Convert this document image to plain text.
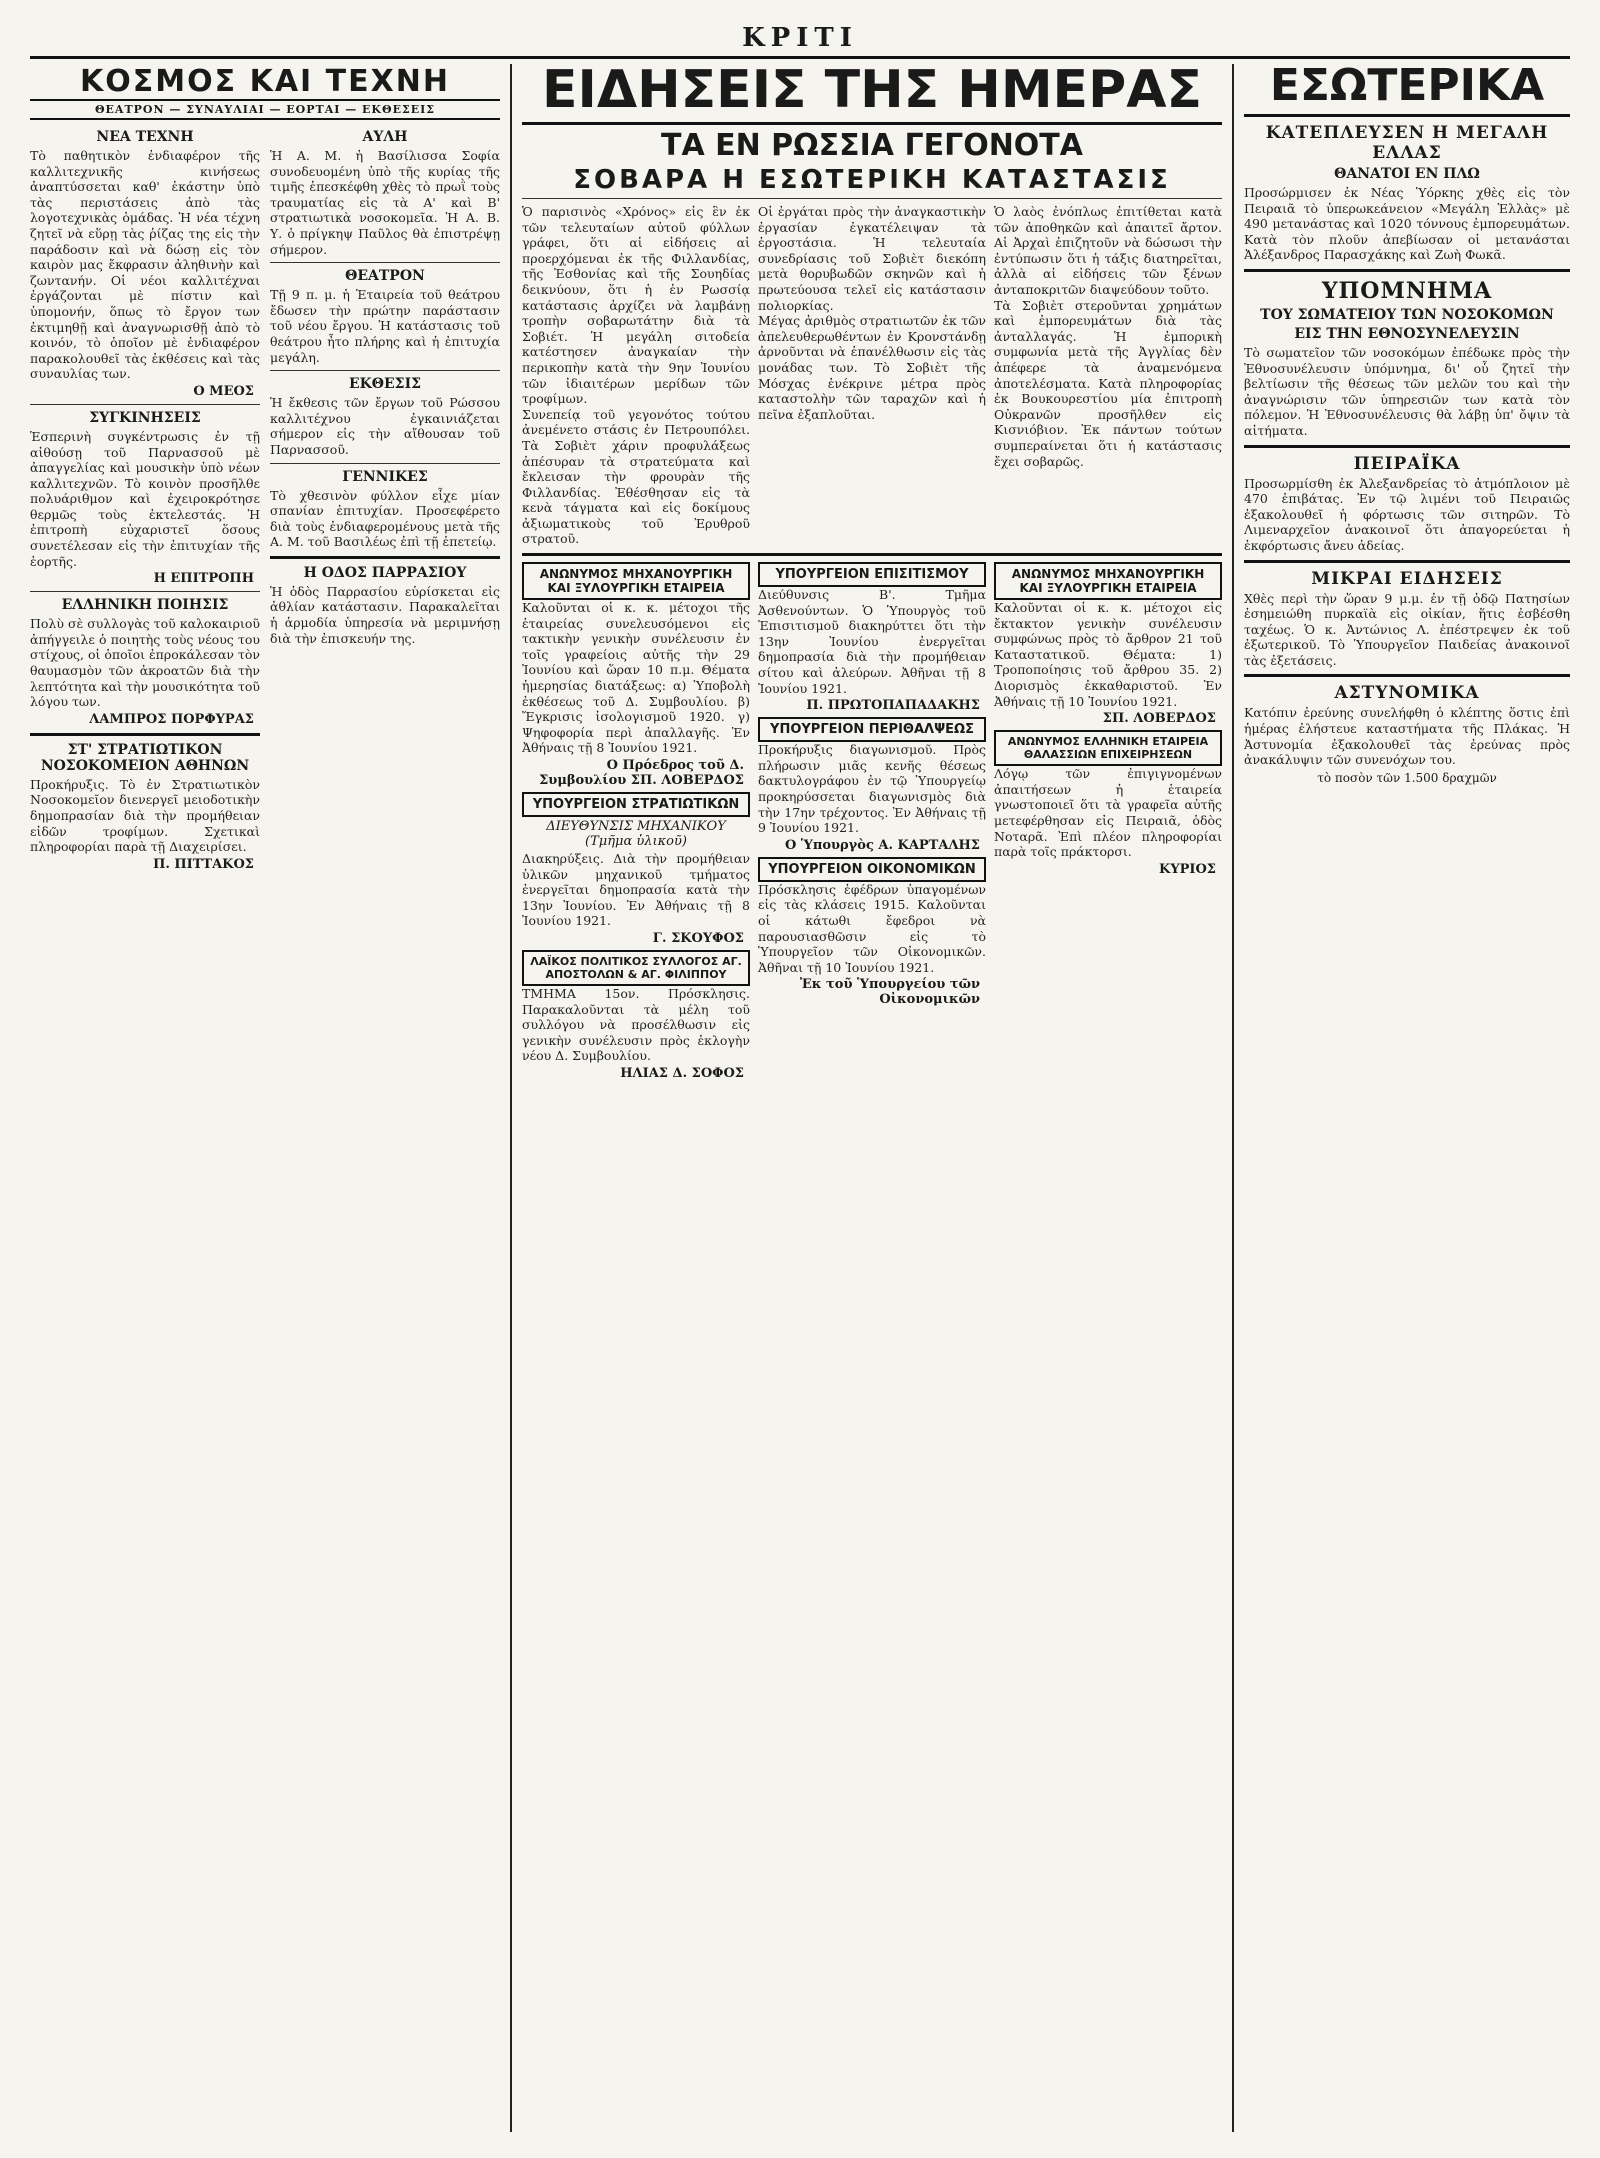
ΚΡΙΤΙ
ΚΟΣΜΟΣ ΚΑΙ ΤΕΧΝΗ
ΘΕΑΤΡΟΝ — ΣΥΝΑΥΛΙΑΙ — ΕΟΡΤΑΙ — ΕΚΘΕΣΕΙΣ
ΝΕΑ ΤΕΧΝΗ

Τὸ παθητικὸν ἐνδιαφέρον τῆς καλλιτεχνικῆς κινήσεως ἀναπτύσσεται καθ' ἑκάστην ὑπὸ τὰς περιστάσεις ἀπὸ τὰς λογοτεχνικὰς ὁμάδας. Ἡ νέα τέχνη ζητεῖ νὰ εὕρῃ τὰς ῥίζας της εἰς τὴν παράδοσιν καὶ νὰ δώσῃ εἰς τὸν καιρὸν μας ἔκφρασιν ἀληθινὴν καὶ ζωντανήν. Οἱ νέοι καλλιτέχναι ἐργάζονται μὲ πίστιν καὶ ὑπομονήν, ὅπως τὸ ἔργον των ἐκτιμηθῇ καὶ ἀναγνωρισθῇ ἀπὸ τὸ κοινόν, τὸ ὁποῖον μὲ ἐνδιαφέρον παρακολουθεῖ τὰς ἐκθέσεις καὶ τὰς συναυλίας των.

Ο ΜΕΟΣ
ΣΥΓΚΙΝΗΣΕΙΣ

Ἑσπερινὴ συγκέντρωσις ἐν τῇ αἰθούσῃ τοῦ Παρνασσοῦ μὲ ἀπαγγελίας καὶ μουσικὴν ὑπὸ νέων καλλιτεχνῶν. Τὸ κοινὸν προσῆλθε πολυάριθμον καὶ ἐχειροκρότησε θερμῶς τοὺς ἐκτελεστάς. Ἡ ἐπιτροπὴ εὐχαριστεῖ ὅσους συνετέλεσαν εἰς τὴν ἐπιτυχίαν τῆς ἑορτῆς.

Η ΕΠΙΤΡΟΠΗ
ΕΛΛΗΝΙΚΗ ΠΟΙΗΣΙΣ

Πολὺ σὲ συλλογὰς τοῦ καλοκαιριοῦ ἀπήγγειλε ὁ ποιητὴς τοὺς νέους του στίχους, οἱ ὁποῖοι ἐπροκάλεσαν τὸν θαυμασμὸν τῶν ἀκροατῶν διὰ τὴν λεπτότητα καὶ τὴν μουσικότητα τοῦ λόγου των.

ΛΑΜΠΡΟΣ ΠΟΡΦΥΡΑΣ
ΣΤ' ΣΤΡΑΤΙΩΤΙΚΟΝ ΝΟΣΟΚΟΜΕΙΟΝ ΑΘΗΝΩΝ

Προκήρυξις. Τὸ ἐν Στρατιωτικὸν Νοσοκομεῖον διενεργεῖ μειοδοτικὴν δημοπρασίαν διὰ τὴν προμήθειαν εἰδῶν τροφίμων. Σχετικαὶ πληροφορίαι παρὰ τῇ Διαχειρίσει.

Π. ΠΙΤΤΑΚΟΣ
ΑΥΛΗ

Ἡ Α. Μ. ἡ Βασίλισσα Σοφία συνοδευομένη ὑπὸ τῆς κυρίας τῆς τιμῆς ἐπεσκέφθη χθὲς τὸ πρωῒ τοὺς τραυματίας εἰς τὰ Α' καὶ Β' στρατιωτικὰ νοσοκομεῖα. Ἡ Α. Β. Υ. ὁ πρίγκηψ Παῦλος θὰ ἐπιστρέψῃ σήμερον.

ΘΕΑΤΡΟΝ

Τῇ 9 π. μ. ἡ Ἑταιρεία τοῦ θεάτρου ἔδωσεν τὴν πρώτην παράστασιν τοῦ νέου ἔργου. Ἡ κατάστασις τοῦ θεάτρου ἦτο πλήρης καὶ ἡ ἐπιτυχία μεγάλη.

ΕΚΘΕΣΙΣ

Ἡ ἔκθεσις τῶν ἔργων τοῦ Ρώσσου καλλιτέχνου ἐγκαινιάζεται σήμερον εἰς τὴν αἴθουσαν τοῦ Παρνασσοῦ.

ΓΕΝΝΙΚΕΣ

Τὸ χθεσινὸν φύλλον εἶχε μίαν σπανίαν ἐπιτυχίαν. Προσεφέρετο διὰ τοὺς ἐνδιαφερομένους μετὰ τῆς Α. Μ. τοῦ Βασιλέως ἐπὶ τῇ ἐπετείῳ.

Η ΟΔΟΣ ΠΑΡΡΑΣΙΟΥ

Ἡ ὁδὸς Παρρασίου εὑρίσκεται εἰς ἀθλίαν κατάστασιν. Παρακαλεῖται ἡ ἁρμοδία ὑπηρεσία νὰ μεριμνήσῃ διὰ τὴν ἐπισκευήν της.

ΕΙΔΗΣΕΙΣ ΤΗΣ ΗΜΕΡΑΣ
ΤΑ ΕΝ ΡΩΣΣΙΑ ΓΕΓΟΝΟΤΑ
ΣΟΒΑΡΑ Η ΕΣΩΤΕΡΙΚΗ ΚΑΤΑΣΤΑΣΙΣ

Ὁ παρισινὸς «Χρόνος» εἰς ἓν ἐκ τῶν τελευταίων αὐτοῦ φύλλων γράφει, ὅτι αἱ εἰδήσεις αἱ προερχόμεναι ἐκ τῆς Φιλλανδίας, τῆς Ἐσθονίας καὶ τῆς Σουηδίας δεικνύουν, ὅτι ἡ ἐν Ρωσσίᾳ κατάστασις ἀρχίζει νὰ λαμβάνῃ τροπὴν σοβαρωτάτην διὰ τὰ Σοβιέτ. Ἡ μεγάλη σιτοδεία κατέστησεν ἀναγκαίαν τὴν περικοπὴν κατὰ τὴν 9ην Ἰουνίου τῶν ἰδιαιτέρων μερίδων τῶν τροφίμων.

Συνεπείᾳ τοῦ γεγονότος τούτου ἀνεμένετο στάσις ἐν Πετρουπόλει. Τὰ Σοβιὲτ χάριν προφυλάξεως ἀπέσυραν τὰ στρατεύματα καὶ ἔκλεισαν τὴν φρουρὰν τῆς Φιλλανδίας. Ἐθέσθησαν εἰς τὰ κενὰ τάγματα καὶ εἰς δοκίμους ἀξιωματικοὺς τοῦ Ἐρυθροῦ στρατοῦ.

Οἱ ἐργάται πρὸς τὴν ἀναγκαστικὴν ἐργασίαν ἐγκατέλειψαν τὰ ἐργοστάσια. Ἡ τελευταία συνεδρίασις τοῦ Σοβιὲτ διεκόπη μετὰ θορυβωδῶν σκηνῶν καὶ ἡ πρωτεύουσα τελεῖ εἰς κατάστασιν πολιορκίας.

Μέγας ἀριθμὸς στρατιωτῶν ἐκ τῶν ἀπελευθερωθέντων ἐν Κρονστάνδῃ ἀρνοῦνται νὰ ἐπανέλθωσιν εἰς τὰς μονάδας των. Τὸ Σοβιὲτ τῆς Μόσχας ἐνέκρινε μέτρα πρὸς καταστολὴν τῶν ταραχῶν καὶ ἡ πεῖνα ἐξαπλοῦται.

Ὁ λαὸς ἐνόπλως ἐπιτίθεται κατὰ τῶν ἀποθηκῶν καὶ ἀπαιτεῖ ἄρτον. Αἱ Ἀρχαὶ ἐπιζητοῦν νὰ δώσωσι τὴν ἐντύπωσιν ὅτι ἡ τάξις διατηρεῖται, ἀλλὰ αἱ εἰδήσεις τῶν ξένων ἀνταποκριτῶν διαψεύδουν τοῦτο.

Τὰ Σοβιὲτ στεροῦνται χρημάτων καὶ ἐμπορευμάτων διὰ τὰς ἀνταλλαγάς. Ἡ ἐμπορικὴ συμφωνία μετὰ τῆς Ἀγγλίας δὲν ἀπέφερε τὰ ἀναμενόμενα ἀποτελέσματα. Κατὰ πληροφορίας ἐκ Βουκουρεστίου μία ἐπιτροπὴ Οὐκρανῶν προσῆλθεν εἰς Κισνιόβιον. Ἐκ πάντων τούτων συμπεραίνεται ὅτι ἡ κατάστασις ἔχει σοβαρῶς.

ΑΝΩΝΥΜΟΣ ΜΗΧΑΝΟΥΡΓΙΚΗ ΚΑΙ ΞΥΛΟΥΡΓΙΚΗ ΕΤΑΙΡΕΙΑ

Καλοῦνται οἱ κ. κ. μέτοχοι τῆς ἑταιρείας συνελευσόμενοι εἰς τακτικὴν γενικὴν συνέλευσιν ἐν τοῖς γραφείοις αὐτῆς τὴν 29 Ἰουνίου καὶ ὥραν 10 π.μ. Θέματα ἡμερησίας διατάξεως: α) Ὑποβολὴ ἐκθέσεως τοῦ Δ. Συμβουλίου. β) Ἔγκρισις ἰσολογισμοῦ 1920. γ) Ψηφοφορία περὶ ἀπαλλαγῆς. Ἐν Ἀθήναις τῇ 8 Ἰουνίου 1921.

Ο Πρόεδρος τοῦ Δ. Συμβουλίου ΣΠ. ΛΟΒΕΡΔΟΣ
ΥΠΟΥΡΓΕΙΟΝ ΣΤΡΑΤΙΩΤΙΚΩΝ
ΔΙΕΥΘΥΝΣΙΣ ΜΗΧΑΝΙΚΟΥ (Τμῆμα ὑλικοῦ)

Διακηρύξεις. Διὰ τὴν προμήθειαν ὑλικῶν μηχανικοῦ τμήματος ἐνεργεῖται δημοπρασία κατὰ τὴν 13ην Ἰουνίου. Ἐν Ἀθήναις τῇ 8 Ἰουνίου 1921.

Γ. ΣΚΟΥΦΟΣ
ΛΑΪΚΟΣ ΠΟΛΙΤΙΚΟΣ ΣΥΛΛΟΓΟΣ ΑΓ. ΑΠΟΣΤΟΛΩΝ & ΑΓ. ΦΙΛΙΠΠΟΥ

ΤΜΗΜΑ 15ον. Πρόσκλησις. Παρακαλοῦνται τὰ μέλη τοῦ συλλόγου νὰ προσέλθωσιν εἰς γενικὴν συνέλευσιν πρὸς ἐκλογὴν νέου Δ. Συμβουλίου.

ΗΛΙΑΣ Δ. ΣΟΦΟΣ
ΥΠΟΥΡΓΕΙΟΝ ΕΠΙΣΙΤΙΣΜΟΥ

Διεύθυνσις Β'. Τμῆμα Ἀσθενούντων. Ὁ Ὑπουργὸς τοῦ Ἐπισιτισμοῦ διακηρύττει ὅτι τὴν 13ην Ἰουνίου ἐνεργεῖται δημοπρασία διὰ τὴν προμήθειαν σίτου καὶ ἀλεύρων. Ἀθῆναι τῇ 8 Ἰουνίου 1921.

Π. ΠΡΩΤΟΠΑΠΑΔΑΚΗΣ
ΥΠΟΥΡΓΕΙΟΝ ΠΕΡΙΘΑΛΨΕΩΣ

Προκήρυξις διαγωνισμοῦ. Πρὸς πλήρωσιν μιᾶς κενῆς θέσεως δακτυλογράφου ἐν τῷ Ὑπουργείῳ προκηρύσσεται διαγωνισμὸς διὰ τὴν 17ην τρέχοντος. Ἐν Ἀθήναις τῇ 9 Ἰουνίου 1921.

Ο Ὑπουργὸς Α. ΚΑΡΤΑΛΗΣ
ΥΠΟΥΡΓΕΙΟΝ ΟΙΚΟΝΟΜΙΚΩΝ

Πρόσκλησις ἐφέδρων ὑπαγομένων εἰς τὰς κλάσεις 1915. Καλοῦνται οἱ κάτωθι ἔφεδροι νὰ παρουσιασθῶσιν εἰς τὸ Ὑπουργεῖον τῶν Οἰκονομικῶν. Ἀθῆναι τῇ 10 Ἰουνίου 1921.

Ἐκ τοῦ Ὑπουργείου τῶν Οἰκονομικῶν
ΑΝΩΝΥΜΟΣ ΜΗΧΑΝΟΥΡΓΙΚΗ ΚΑΙ ΞΥΛΟΥΡΓΙΚΗ ΕΤΑΙΡΕΙΑ

Καλοῦνται οἱ κ. κ. μέτοχοι εἰς ἔκτακτον γενικὴν συνέλευσιν συμφώνως πρὸς τὸ ἄρθρον 21 τοῦ Καταστατικοῦ. Θέματα: 1) Τροποποίησις τοῦ ἄρθρου 35. 2) Διορισμὸς ἐκκαθαριστοῦ. Ἐν Ἀθήναις τῇ 10 Ἰουνίου 1921.

ΣΠ. ΛΟΒΕΡΔΟΣ
ΑΝΩΝΥΜΟΣ ΕΛΛΗΝΙΚΗ ΕΤΑΙΡΕΙΑ ΘΑΛΑΣΣΙΩΝ ΕΠΙΧΕΙΡΗΣΕΩΝ

Λόγῳ τῶν ἐπιγιγνομένων ἀπαιτήσεων ἡ ἑταιρεία γνωστοποιεῖ ὅτι τὰ γραφεῖα αὐτῆς μετεφέρθησαν εἰς Πειραιᾶ, ὁδὸς Νοταρᾶ. Ἐπὶ πλέον πληροφορίαι παρὰ τοῖς πράκτορσι.

ΚΥΡΙΟΣ
ΕΣΩΤΕΡΙΚΑ
ΚΑΤΕΠΛΕΥΣΕΝ Η ΜΕΓΑΛΗ ΕΛΛΑΣ
ΘΑΝΑΤΟΙ ΕΝ ΠΛΩ

Προσώρμισεν ἐκ Νέας Ὑόρκης χθὲς εἰς τὸν Πειραιᾶ τὸ ὑπερωκεάνειον «Μεγάλη Ἑλλὰς» μὲ 490 μετανάστας καὶ 1020 τόννους ἐμπορευμάτων. Κατὰ τὸν πλοῦν ἀπεβίωσαν οἱ μετανάσται Ἀλέξανδρος Παρασχάκης καὶ Ζωὴ Φωκᾶ.

ΥΠΟΜΝΗΜΑ
ΤΟΥ ΣΩΜΑΤΕΙΟΥ ΤΩΝ ΝΟΣΟΚΟΜΩΝ
ΕΙΣ ΤΗΝ ΕΘΝΟΣΥΝΕΛΕΥΣΙΝ

Τὸ σωματεῖον τῶν νοσοκόμων ἐπέδωκε πρὸς τὴν Ἐθνοσυνέλευσιν ὑπόμνημα, δι' οὗ ζητεῖ τὴν βελτίωσιν τῆς θέσεως τῶν μελῶν του καὶ τὴν ἀναγνώρισιν τῶν ὑπηρεσιῶν των κατὰ τὸν πόλεμον. Ἡ Ἐθνοσυνέλευσις θὰ λάβῃ ὑπ' ὄψιν τὰ αἰτήματα.

ΠΕΙΡΑΪΚΑ

Προσωρμίσθη ἐκ Ἀλεξανδρείας τὸ ἀτμόπλοιον μὲ 470 ἐπιβάτας. Ἐν τῷ λιμένι τοῦ Πειραιῶς ἐξακολουθεῖ ἡ φόρτωσις τῶν σιτηρῶν. Τὸ Λιμεναρχεῖον ἀνακοινοῖ ὅτι ἀπαγορεύεται ἡ ἐκφόρτωσις ἄνευ ἀδείας.

ΜΙΚΡΑΙ ΕΙΔΗΣΕΙΣ

Χθὲς περὶ τὴν ὥραν 9 μ.μ. ἐν τῇ ὁδῷ Πατησίων ἐσημειώθη πυρκαϊὰ εἰς οἰκίαν, ἥτις ἐσβέσθη ταχέως. Ὁ κ. Ἀντώνιος Λ. ἐπέστρεψεν ἐκ τοῦ ἐξωτερικοῦ. Τὸ Ὑπουργεῖον Παιδείας ἀνακοινοῖ τὰς ἐξετάσεις.

ΑΣΤΥΝΟΜΙΚΑ

Κατόπιν ἐρεύνης συνελήφθη ὁ κλέπτης ὅστις ἐπὶ ἡμέρας ἐλήστευε καταστήματα τῆς Πλάκας. Ἡ Ἀστυνομία ἐξακολουθεῖ τὰς ἐρεύνας πρὸς ἀνακάλυψιν τῶν συνενόχων του.

τὸ ποσὸν τῶν 1.500 δραχμῶν
